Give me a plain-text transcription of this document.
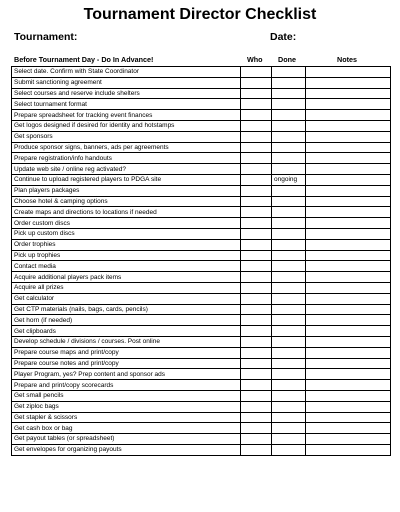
Tournament Director Checklist
Tournament:	Date:
Before Tournament Day - Do In Advance!	Who Done	Notes
Select date. Confirm with State Coordinator			
Submit sanctioning agreement			
Select courses and reserve include shelters			
Select tournament format			
Prepare spreadsheet for tracking event finances			
Get logos designed if desired for identity and hotstamps			
Get sponsors			
Produce sponsor signs, banners, ads per agreements			
Prepare registration/info handouts			
Update web site / online reg activated?			
Continue to upload registered players to PDGA site		ongoing	
Plan players packages			
Choose hotel & camping options			
Create maps and directions to locations if needed			
Order custom discs			
Pick up custom discs			
Order trophies			
Pick up trophies			
Contact media			
Acquire additional players pack items			
Acquire all prizes			
Get calculator			
Get CTP materials (nails, bags, cards, pencils)			
Get horn (if needed)			
Get clipboards			
Develop schedule / divisions / courses. Post online			
Prepare course maps and print/copy			
Prepare course notes and print/copy			
Player Program, yes? Prep content and sponsor ads			
Prepare and print/copy scorecards			
Get small pencils			
Get ziploc bags			
Get stapler & scissors			
Get cash box or bag			
Get payout tables (or spreadsheet)			
Get envelopes for organizing payouts			
